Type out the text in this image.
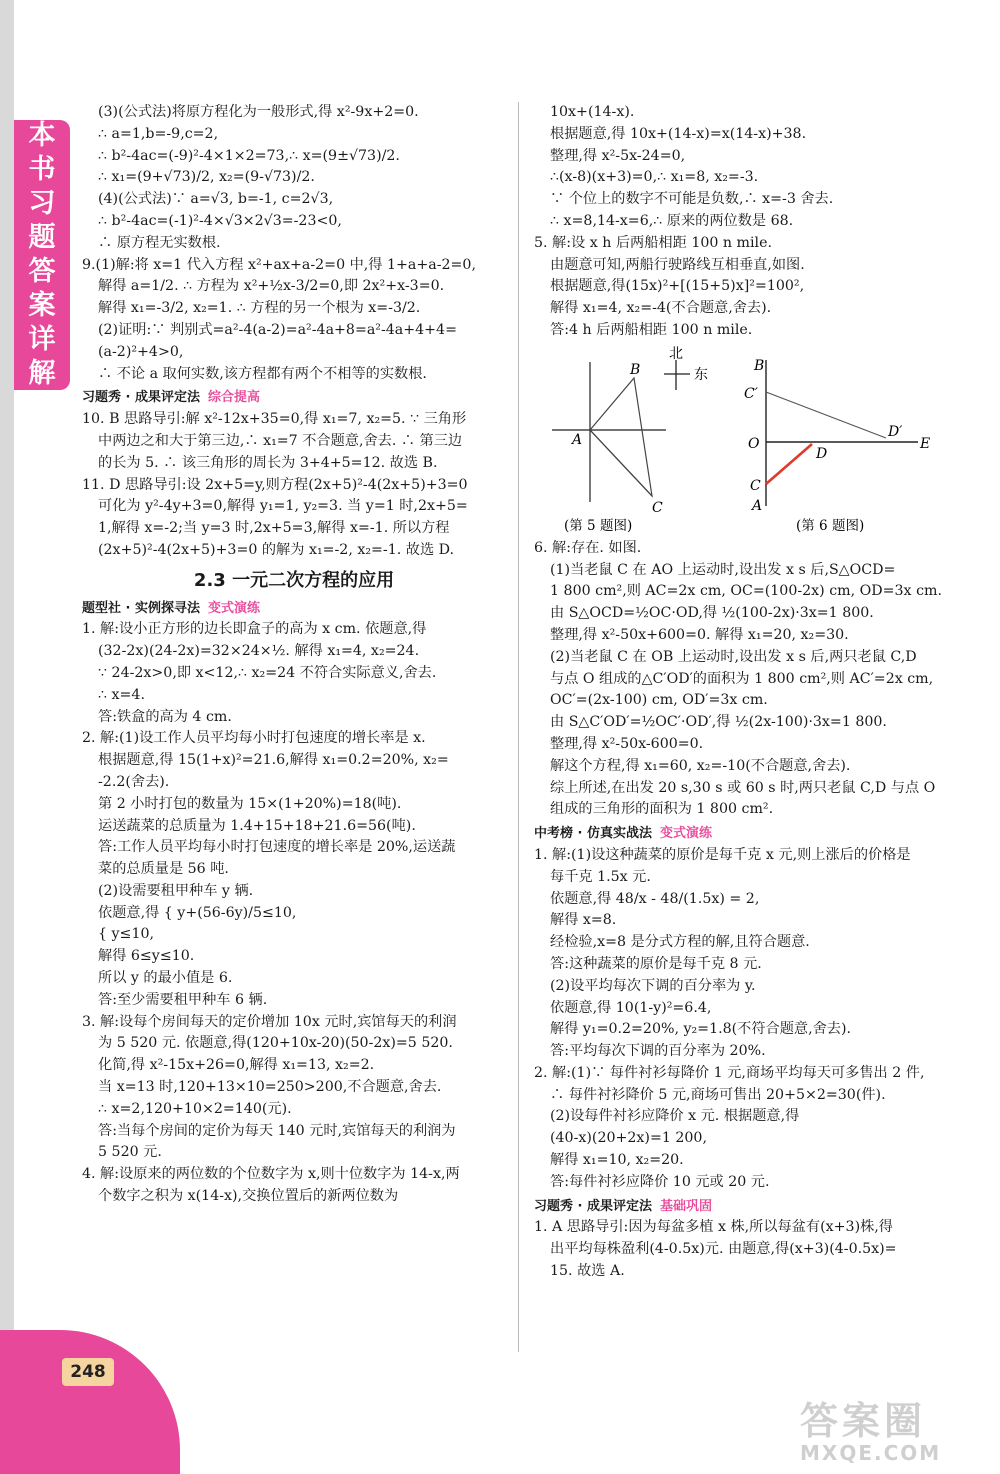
本
书
习
题
答
案
详
解
(3)(公式法)将原方程化为一般形式,得 x²-9x+2=0.
∴ a=1,b=-9,c=2,
∴ b²-4ac=(-9)²-4×1×2=73,∴ x=(9±√73)/2.
∴ x₁=(9+√73)/2, x₂=(9-√73)/2.
(4)(公式法)∵ a=√3, b=-1, c=2√3,
∴ b²-4ac=(-1)²-4×√3×2√3=-23<0,
∴ 原方程无实数根.
9.(1)解:将 x=1 代入方程 x²+ax+a-2=0 中,得 1+a+a-2=0,
解得 a=1/2. ∴ 方程为 x²+½x-3/2=0,即 2x²+x-3=0.
解得 x₁=-3/2, x₂=1. ∴ 方程的另一个根为 x=-3/2.
(2)证明:∵ 判别式=a²-4(a-2)=a²-4a+8=a²-4a+4+4=
(a-2)²+4>0,
∴ 不论 a 取何实数,该方程都有两个不相等的实数根.
习题秀 · 成果评定法 综合提高
10. B 思路导引:解 x²-12x+35=0,得 x₁=7, x₂=5. ∵ 三角形
中两边之和大于第三边,∴ x₁=7 不合题意,舍去. ∴ 第三边
的长为 5. ∴ 该三角形的周长为 3+4+5=12. 故选 B.
11. D 思路导引:设 2x+5=y,则方程(2x+5)²-4(2x+5)+3=0
可化为 y²-4y+3=0,解得 y₁=1, y₂=3. 当 y=1 时,2x+5=
1,解得 x=-2;当 y=3 时,2x+5=3,解得 x=-1. 所以方程
(2x+5)²-4(2x+5)+3=0 的解为 x₁=-2, x₂=-1. 故选 D.
2.3 一元二次方程的应用
题型社 · 实例探寻法 变式演练
1. 解:设小正方形的边长即盒子的高为 x cm. 依题意,得
(32-2x)(24-2x)=32×24×½. 解得 x₁=4, x₂=24.
∵ 24-2x>0,即 x<12,∴ x₂=24 不符合实际意义,舍去.
∴ x=4.
答:铁盒的高为 4 cm.
2. 解:(1)设工作人员平均每小时打包速度的增长率是 x.
根据题意,得 15(1+x)²=21.6,解得 x₁=0.2=20%, x₂=
-2.2(舍去).
第 2 小时打包的数量为 15×(1+20%)=18(吨).
运送蔬菜的总质量为 1.4+15+18+21.6=56(吨).
答:工作人员平均每小时打包速度的增长率是 20%,运送蔬
菜的总质量是 56 吨.
(2)设需要租甲种车 y 辆.
依题意,得 { y+(56-6y)/5≤10,
{ y≤10,
解得 6≤y≤10.
所以 y 的最小值是 6.
答:至少需要租甲种车 6 辆.
3. 解:设每个房间每天的定价增加 10x 元时,宾馆每天的利润
为 5 520 元. 依题意,得(120+10x-20)(50-2x)=5 520.
化简,得 x²-15x+26=0,解得 x₁=13, x₂=2.
当 x=13 时,120+13×10=250>200,不合题意,舍去.
∴ x=2,120+10×2=140(元).
答:当每个房间的定价为每天 140 元时,宾馆每天的利润为
5 520 元.
4. 解:设原来的两位数的个位数字为 x,则十位数字为 14-x,两
个数字之积为 x(14-x),交换位置后的新两位数为
10x+(14-x).
根据题意,得 10x+(14-x)=x(14-x)+38.
整理,得 x²-5x-24=0,
∴(x-8)(x+3)=0,∴ x₁=8, x₂=-3.
∵ 个位上的数字不可能是负数,∴ x=-3 舍去.
∴ x=8,14-x=6,∴ 原来的两位数是 68.
5. 解:设 x h 后两船相距 100 n mile.
由题意可知,两船行驶路线互相垂直,如图.
根据题意,得(15x)²+[(15+5)x]²=100²,
解得 x₁=4, x₂=-4(不合题意,舍去).
答:4 h 后两船相距 100 n mile.
北
东
A
B
C
(第 5 题图)
B
C′
O
D′
D
E
C
A
(第 6 题图)
6. 解:存在. 如图.
(1)当老鼠 C 在 AO 上运动时,设出发 x s 后,S△OCD=
1 800 cm²,则 AC=2x cm, OC=(100-2x) cm, OD=3x cm.
由 S△OCD=½OC·OD,得 ½(100-2x)·3x=1 800.
整理,得 x²-50x+600=0. 解得 x₁=20, x₂=30.
(2)当老鼠 C 在 OB 上运动时,设出发 x s 后,两只老鼠 C,D
与点 O 组成的△C′OD′的面积为 1 800 cm²,则 AC′=2x cm,
OC′=(2x-100) cm, OD′=3x cm.
由 S△C′OD′=½OC′·OD′,得 ½(2x-100)·3x=1 800.
整理,得 x²-50x-600=0.
解这个方程,得 x₁=60, x₂=-10(不合题意,舍去).
综上所述,在出发 20 s,30 s 或 60 s 时,两只老鼠 C,D 与点 O
组成的三角形的面积为 1 800 cm².
中考榜 · 仿真实战法 变式演练
1. 解:(1)设这种蔬菜的原价是每千克 x 元,则上涨后的价格是
每千克 1.5x 元.
依题意,得 48/x - 48/(1.5x) = 2,
解得 x=8.
经检验,x=8 是分式方程的解,且符合题意.
答:这种蔬菜的原价是每千克 8 元.
(2)设平均每次下调的百分率为 y.
依题意,得 10(1-y)²=6.4,
解得 y₁=0.2=20%, y₂=1.8(不符合题意,舍去).
答:平均每次下调的百分率为 20%.
2. 解:(1)∵ 每件衬衫每降价 1 元,商场平均每天可多售出 2 件,
∴ 每件衬衫降价 5 元,商场可售出 20+5×2=30(件).
(2)设每件衬衫应降价 x 元. 根据题意,得
(40-x)(20+2x)=1 200,
解得 x₁=10, x₂=20.
答:每件衬衫应降价 10 元或 20 元.
习题秀 · 成果评定法 基础巩固
1. A 思路导引:因为每盆多植 x 株,所以每盆有(x+3)株,得
出平均每株盈利(4-0.5x)元. 由题意,得(x+3)(4-0.5x)=
15. 故选 A.
248
答案圈
MXQE.COM
